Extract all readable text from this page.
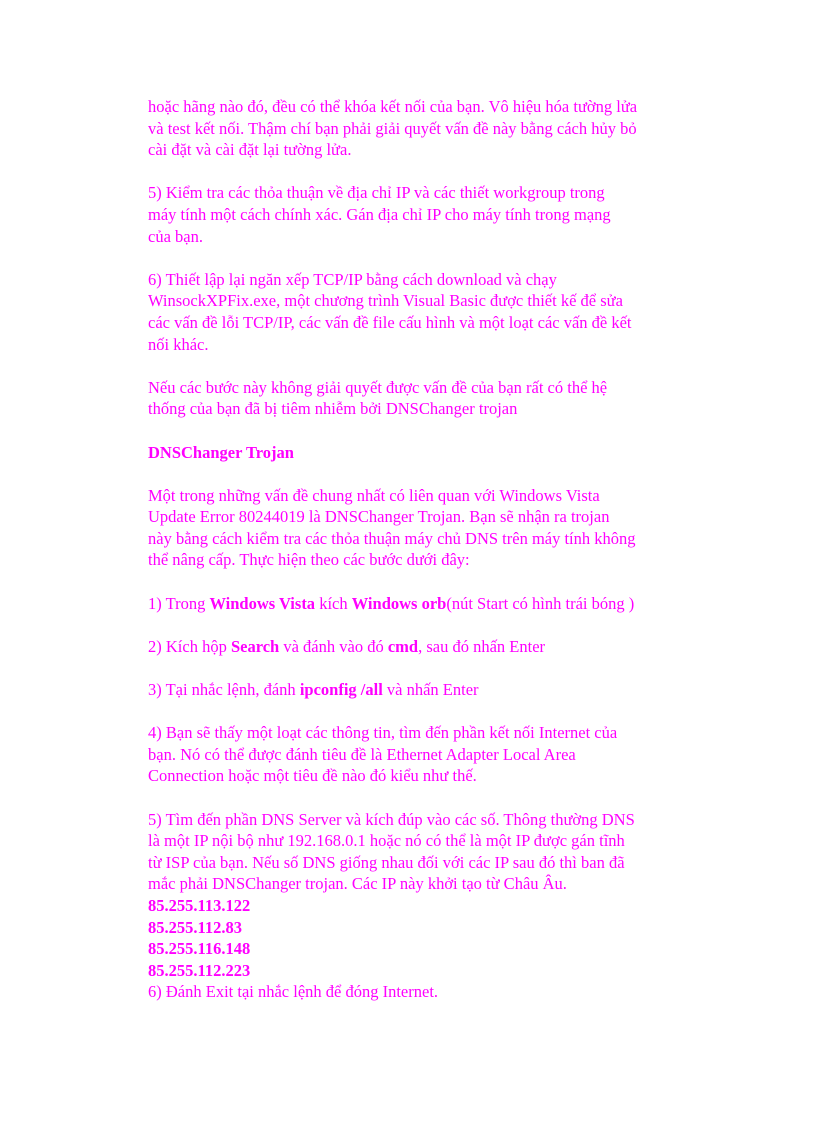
hoặc hãng nào đó, đều có thể khóa kết nối của bạn. Vô hiệu hóa tường lửa

và test kết nối. Thậm chí bạn phải giải quyết vấn đề này bằng cách hủy bỏ

cài đặt và cài đặt lại tường lửa.

5) Kiểm tra các thỏa thuận về địa chỉ IP và các thiết workgroup trong

máy tính một cách chính xác. Gán địa chỉ IP cho máy tính trong mạng

của bạn.

6) Thiết lập lại ngăn xếp TCP/IP bằng cách download và chạy

WinsockXPFix.exe, một chương trình Visual Basic được thiết kế để sửa

các vấn đề lỗi TCP/IP, các vấn đề file cấu hình và một loạt các vấn đề kết

nối khác.

Nếu các bước này không giải quyết được vấn đề của bạn rất có thể hệ

thống của bạn đã bị tiêm nhiễm bởi DNSChanger trojan

DNSChanger Trojan

Một trong những vấn đề chung nhất có liên quan với Windows Vista

Update Error 80244019 là DNSChanger Trojan. Bạn sẽ nhận ra trojan

này bằng cách kiểm tra các thỏa thuận máy chủ DNS trên máy tính không

thể nâng cấp. Thực hiện theo các bước dưới đây:

1) Trong Windows Vista kích Windows orb(nút Start có hình trái bóng )

2) Kích hộp Search và đánh vào đó cmd, sau đó nhấn Enter

3) Tại nhắc lệnh, đánh ipconfig /all và nhấn Enter

4) Bạn sẽ thấy một loạt các thông tin, tìm đến phần kết nối Internet của

bạn. Nó có thể được đánh tiêu đề là Ethernet Adapter Local Area

Connection hoặc một tiêu đề nào đó kiểu như thế.

5) Tìm đến phần DNS Server và kích đúp vào các số. Thông thường DNS

là một IP nội bộ như 192.168.0.1 hoặc nó có thể là một IP được gán tĩnh

từ ISP của bạn. Nếu số DNS giống nhau đối với các IP sau đó thì ban đã

mắc phải DNSChanger trojan. Các IP này khởi tạo từ Châu Âu.

85.255.113.122

85.255.112.83

85.255.116.148

85.255.112.223

6) Đánh Exit tại nhắc lệnh để đóng Internet.
